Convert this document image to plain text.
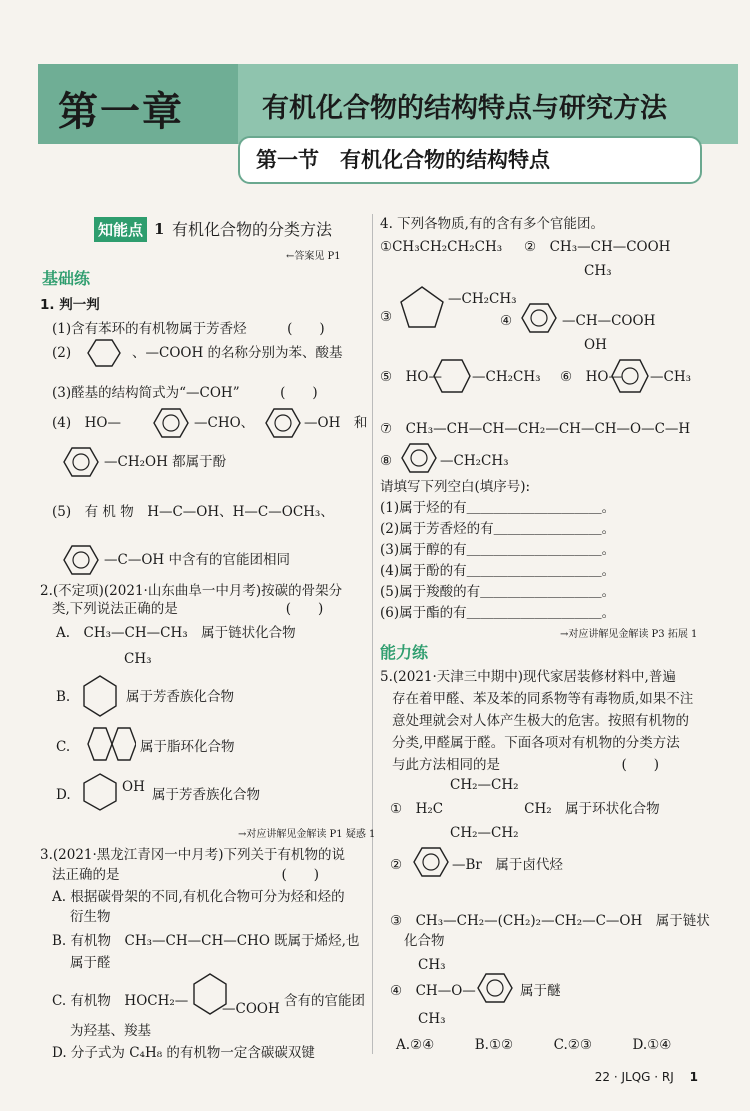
第一章	有机化合物的结构特点与研究方法
第一节　有机化合物的结构特点
知能点 1 有机化合物的分类方法
←答案见 P1
基础练
1. 判一判
(1)含有苯环的有机物属于芳香烃　　　(　　)
(2)	、—COOH 的名称分别为苯、酸基
(3)醛基的结构简式为“—COH”　　　(　　)
(4)　HO—	—CHO、	—OH　和
—CH₂OH 都属于酚
(5)　有 机 物　H—C—OH、H—C—OCH₃、
—C—OH 中含有的官能团相同
2.(不定项)(2021·山东曲阜一中月考)按碳的骨架分
类,下列说法正确的是　　　　　　　　(　　)
A.　CH₃—CH—CH₃　属于链状化合物
CH₃
B.	属于芳香族化合物
C.	属于脂环化合物
D.	OH 属于芳香族化合物
→对应讲解见金解读 P1 疑惑 1
3.(2021·黑龙江青冈一中月考)下列关于有机物的说
法正确的是　　　　　　　　　　　　(　　)
A. 根据碳骨架的不同,有机化合物可分为烃和烃的
衍生物
B. 有机物　CH₃—CH—CH—CHO 既属于烯烃,也
属于醛
C. 有机物　HOCH₂— —COOH 含有的官能团
为羟基、羧基
D. 分子式为 C₄H₈ 的有机物一定含碳碳双键
4. 下列各物质,有的含有多个官能团。
①CH₃CH₂CH₂CH₃ ②　CH₃—CH—COOH
CH₃
③
—CH₂CH₃
④	—CH—COOH
OH
⑤　HO— —CH₂CH₃ ⑥　HO— —CH₃
⑦　CH₃—CH—CH—CH₂—CH—CH—O—C—H
⑧	—CH₂CH₃
请填写下列空白(填序号):
(1)属于烃的有＿＿＿＿＿＿＿＿＿＿。
(2)属于芳香烃的有＿＿＿＿＿＿＿＿。
(3)属于醇的有＿＿＿＿＿＿＿＿＿＿。
(4)属于酚的有＿＿＿＿＿＿＿＿＿＿。
(5)属于羧酸的有＿＿＿＿＿＿＿＿＿。
(6)属于酯的有＿＿＿＿＿＿＿＿＿＿。
→对应讲解见金解读 P3 拓展 1
能力练
5.(2021·天津三中期中)现代家居装修材料中,普遍
存在着甲醛、苯及苯的同系物等有毒物质,如果不注
意处理就会对人体产生极大的危害。按照有机物的
分类,甲醛属于醛。下面各项对有机物的分类方法
与此方法相同的是　　　　　　　　　(　　)
CH₂—CH₂
①　H₂C　　　　　　CH₂　属于环状化合物
CH₂—CH₂
②	—Br　属于卤代烃
③　CH₃—CH₂—(CH₂)₂—CH₂—C—OH　属于链状
化合物
CH₃
④　CH—O—	属于醚
CH₃
A.②④　　　B.①②　　　C.②③　　　D.①④
22 · JLQG · RJ 1
